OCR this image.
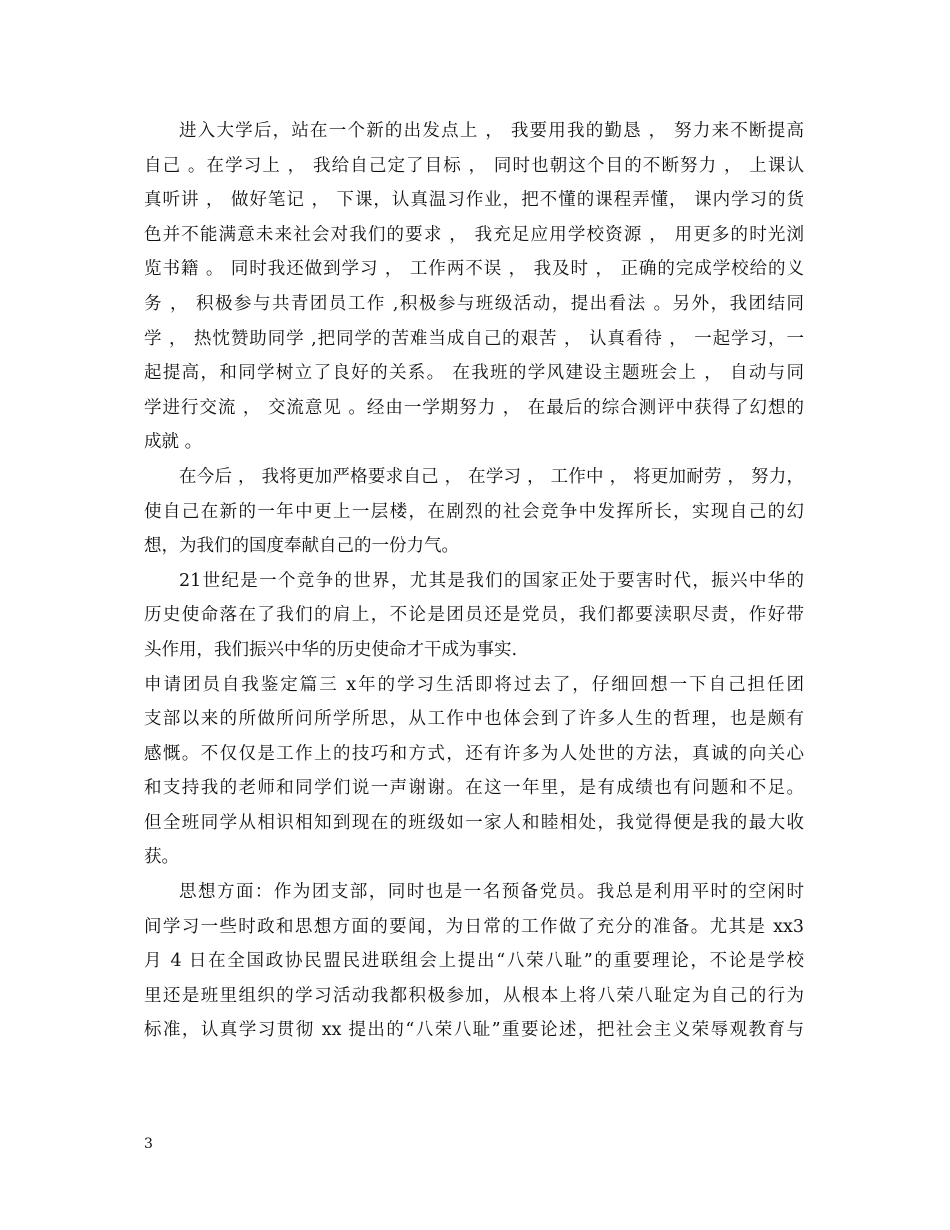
进入大学后，站在一个新的出发点上 ， 我要用我的勤恳 ， 努力来不断提高
自己 。在学习上 ， 我给自己定了目标 ， 同时也朝这个目的不断努力 ， 上课认
真听讲 ， 做好笔记 ， 下课，认真温习作业，把不懂的课程弄懂， 课内学习的货
色并不能满意未来社会对我们的要求 ， 我充足应用学校资源 ， 用更多的时光浏
览书籍 。 同时我还做到学习 ， 工作两不误 ， 我及时 ， 正确的完成学校给的义
务 ， 积极参与共青团员工作 ,积极参与班级活动，提出看法 。另外，我团结同
学 ， 热忱赞助同学 ,把同学的苦难当成自己的艰苦 ， 认真看待 ， 一起学习，一
起提高，和同学树立了良好的关系。 在我班的学风建设主题班会上 ， 自动与同
学进行交流 ， 交流意见 。经由一学期努力 ， 在最后的综合测评中获得了幻想的
成就 。
在今后 ， 我将更加严格要求自己 ， 在学习 ， 工作中 ， 将更加耐劳 ， 努力，
使自己在新的一年中更上一层楼，在剧烈的社会竞争中发挥所长，实现自己的幻
想，为我们的国度奉献自己的一份力气。
21世纪是一个竞争的世界，尤其是我们的国家正处于要害时代，振兴中华的
历史使命落在了我们的肩上，不论是团员还是党员，我们都要渎职尽责，作好带
头作用，我们振兴中华的历史使命才干成为事实.
申请团员自我鉴定篇三 x年的学习生活即将过去了，仔细回想一下自己担任团
支部以来的所做所问所学所思，从工作中也体会到了许多人生的哲理，也是颇有
感慨。不仅仅是工作上的技巧和方式，还有许多为人处世的方法，真诚的向关心
和支持我的老师和同学们说一声谢谢。在这一年里，是有成绩也有问题和不足。
但全班同学从相识相知到现在的班级如一家人和睦相处，我觉得便是我的最大收
获。
思想方面：作为团支部，同时也是一名预备党员。我总是利用平时的空闲时
间学习一些时政和思想方面的要闻，为日常的工作做了充分的准备。尤其是 xx3
月 4 日在全国政协民盟民进联组会上提出“八荣八耻”的重要理论，不论是学校
里还是班里组织的学习活动我都积极参加，从根本上将八荣八耻定为自己的行为
标准，认真学习贯彻 xx 提出的“八荣八耻”重要论述，把社会主义荣辱观教育与
3
